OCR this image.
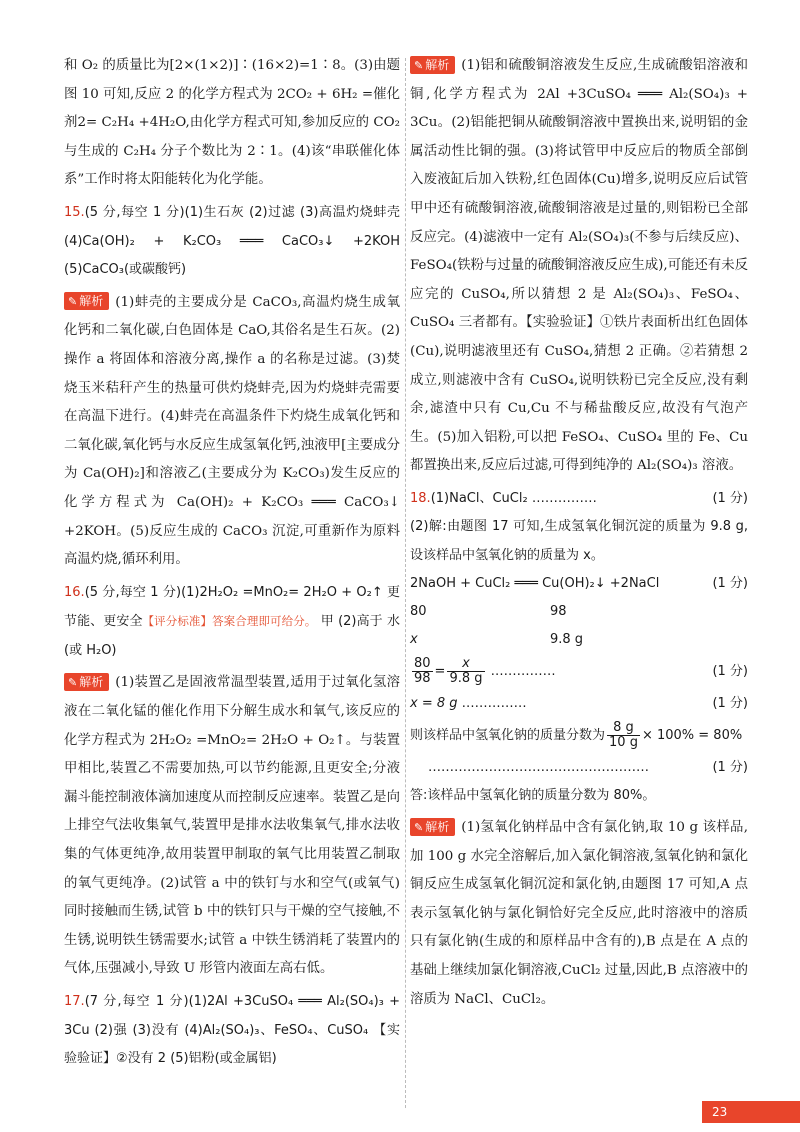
和 O₂ 的质量比为[2×(1×2)]∶(16×2)=1∶8。(3)由题图 10 可知,反应 2 的化学方程式为 2CO₂ + 6H₂ =催化剂2= C₂H₄ +4H₂O,由化学方程式可知,参加反应的 CO₂ 与生成的 C₂H₄ 分子个数比为 2∶1。(4)该“串联催化体系”工作时将太阳能转化为化学能。

15.(5 分,每空 1 分)(1)生石灰 (2)过滤 (3)高温灼烧蚌壳 (4)Ca(OH)₂ + K₂CO₃ ═══ CaCO₃↓ +2KOH (5)CaCO₃(或碳酸钙)

✎ 解析 (1)蚌壳的主要成分是 CaCO₃,高温灼烧生成氧化钙和二氧化碳,白色固体是 CaO,其俗名是生石灰。(2)操作 a 将固体和溶液分离,操作 a 的名称是过滤。(3)焚烧玉米秸秆产生的热量可供灼烧蚌壳,因为灼烧蚌壳需要在高温下进行。(4)蚌壳在高温条件下灼烧生成氧化钙和二氧化碳,氧化钙与水反应生成氢氧化钙,浊液甲[主要成分为 Ca(OH)₂]和溶液乙(主要成分为 K₂CO₃)发生反应的化学方程式为 Ca(OH)₂ + K₂CO₃ ═══ CaCO₃↓ +2KOH。(5)反应生成的 CaCO₃ 沉淀,可重新作为原料高温灼烧,循环利用。

16.(5 分,每空 1 分)(1)2H₂O₂ =MnO₂= 2H₂O + O₂↑ 更节能、更安全【评分标准】答案合理即可给分。 甲 (2)高于 水(或 H₂O)

✎ 解析 (1)装置乙是固液常温型装置,适用于过氧化氢溶液在二氧化锰的催化作用下分解生成水和氧气,该反应的化学方程式为 2H₂O₂ =MnO₂= 2H₂O + O₂↑。与装置甲相比,装置乙不需要加热,可以节约能源,且更安全;分液漏斗能控制液体滴加速度从而控制反应速率。装置乙是向上排空气法收集氧气,装置甲是排水法收集氧气,排水法收集的气体更纯净,故用装置甲制取的氧气比用装置乙制取的氧气更纯净。(2)试管 a 中的铁钉与水和空气(或氧气)同时接触而生锈,试管 b 中的铁钉只与干燥的空气接触,不生锈,说明铁生锈需要水;试管 a 中铁生锈消耗了装置内的气体,压强减小,导致 U 形管内液面左高右低。

17.(7 分,每空 1 分)(1)2Al +3CuSO₄ ═══ Al₂(SO₄)₃ + 3Cu (2)强 (3)没有 (4)Al₂(SO₄)₃、FeSO₄、CuSO₄ 【实验验证】②没有 2 (5)铝粉(或金属铝)

✎ 解析 (1)铝和硫酸铜溶液发生反应,生成硫酸铝溶液和铜,化学方程式为 2Al +3CuSO₄ ═══ Al₂(SO₄)₃ + 3Cu。(2)铝能把铜从硫酸铜溶液中置换出来,说明铝的金属活动性比铜的强。(3)将试管甲中反应后的物质全部倒入废液缸后加入铁粉,红色固体(Cu)增多,说明反应后试管甲中还有硫酸铜溶液,硫酸铜溶液是过量的,则铝粉已全部反应完。(4)滤液中一定有 Al₂(SO₄)₃(不参与后续反应)、FeSO₄(铁粉与过量的硫酸铜溶液反应生成),可能还有未反应完的 CuSO₄,所以猜想 2 是 Al₂(SO₄)₃、FeSO₄、CuSO₄ 三者都有。【实验验证】①铁片表面析出红色固体(Cu),说明滤液里还有 CuSO₄,猜想 2 正确。②若猜想 2 成立,则滤液中含有 CuSO₄,说明铁粉已完全反应,没有剩余,滤渣中只有 Cu,Cu 不与稀盐酸反应,故没有气泡产生。(5)加入铝粉,可以把 FeSO₄、CuSO₄ 里的 Fe、Cu 都置换出来,反应后过滤,可得到纯净的 Al₂(SO₄)₃ 溶液。

18.(1)NaCl、CuCl₂ ……………	(1 分)

(2)解:由题图 17 可知,生成氢氧化铜沉淀的质量为 9.8 g,设该样品中氢氧化钠的质量为 x。

2NaOH + CuCl₂ ═══ Cu(OH)₂↓ +2NaCl	(1 分)
80	98
x	9.8 g
$\frac{80}{98} = \frac{x}{9.8 g}$ ……………	(1 分)
x = 8 g ……………	(1 分)
则该样品中氢氧化钠的质量分数为 $\frac{8 g}{10 g} \times 100\% = 80\%$
……………………………………………	(1 分)
答:该样品中氢氧化钠的质量分数为 80%。

✎ 解析 (1)氢氧化钠样品中含有氯化钠,取 10 g 该样品,加 100 g 水完全溶解后,加入氯化铜溶液,氢氧化钠和氯化铜反应生成氢氧化铜沉淀和氯化钠,由题图 17 可知,A 点表示氢氧化钠与氯化铜恰好完全反应,此时溶液中的溶质只有氯化钠(生成的和原样品中含有的),B 点是在 A 点的基础上继续加氯化铜溶液,CuCl₂ 过量,因此,B 点溶液中的溶质为 NaCl、CuCl₂。

23
